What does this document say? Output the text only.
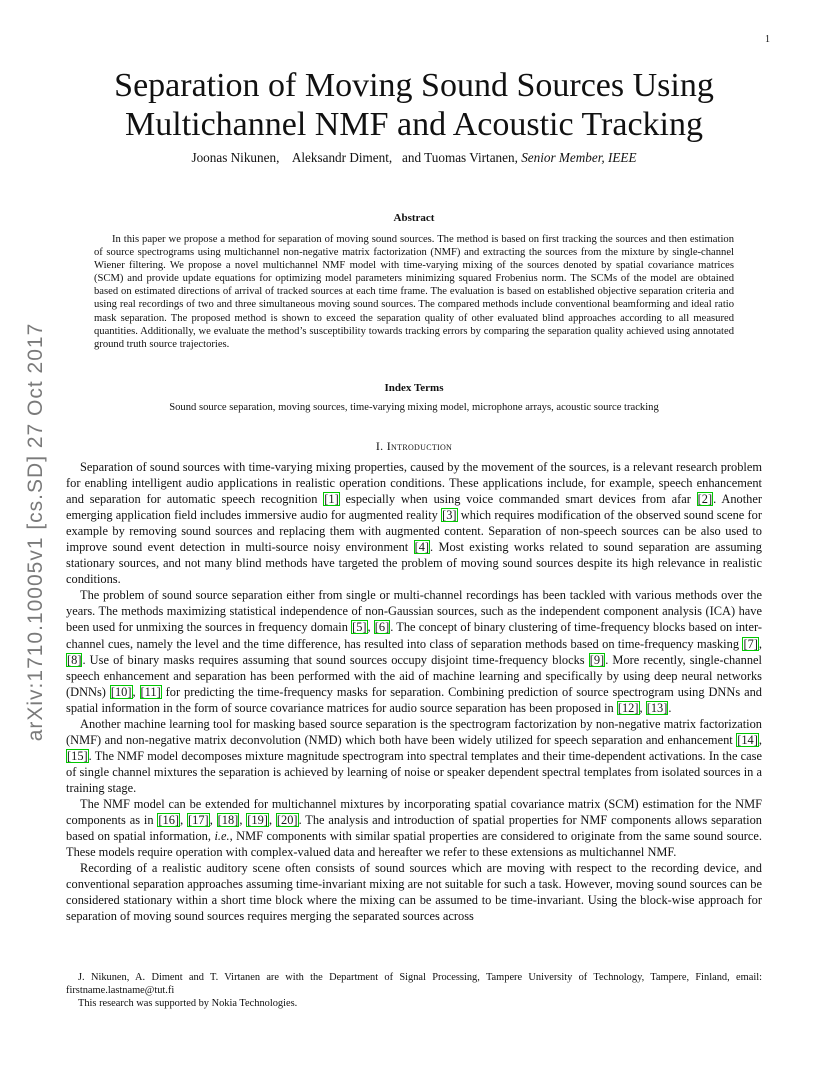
1
arXiv:1710.10005v1 [cs.SD] 27 Oct 2017
Separation of Moving Sound Sources Using
Multichannel NMF and Acoustic Tracking
Joonas Nikunen,    Aleksandr Diment,   and Tuomas Virtanen, Senior Member, IEEE
Abstract

In this paper we propose a method for separation of moving sound sources. The method is based on first tracking the sources and then estimation of source spectrograms using multichannel non-negative matrix factorization (NMF) and extracting the sources from the mixture by single-channel Wiener filtering. We propose a novel multichannel NMF model with time-varying mixing of the sources denoted by spatial covariance matrices (SCM) and provide update equations for optimizing model parameters minimizing squared Frobenius norm. The SCMs of the model are obtained based on estimated directions of arrival of tracked sources at each time frame. The evaluation is based on established objective separation criteria and using real recordings of two and three simultaneous moving sound sources. The compared methods include conventional beamforming and ideal ratio mask separation. The proposed method is shown to exceed the separation quality of other evaluated blind approaches according to all measured quantities. Additionally, we evaluate the method’s susceptibility towards tracking errors by comparing the separation quality achieved using annotated ground truth source trajectories.

Index Terms
Sound source separation, moving sources, time-varying mixing model, microphone arrays, acoustic source tracking
I. Introduction

Separation of sound sources with time-varying mixing properties, caused by the movement of the sources, is a relevant research problem for enabling intelligent audio applications in realistic operation conditions. These applications include, for example, speech enhancement and separation for automatic speech recognition [1] especially when using voice commanded smart devices from afar [2]. Another emerging application field includes immersive audio for augmented reality [3] which requires modification of the observed sound scene for example by removing sound sources and replacing them with augmented content. Separation of non-speech sources can be also used to improve sound event detection in multi-source noisy environment [4]. Most existing works related to sound separation are assuming stationary sources, and not many blind methods have targeted the problem of moving sound sources despite its high relevance in realistic conditions.

The problem of sound source separation either from single or multi-channel recordings has been tackled with various methods over the years. The methods maximizing statistical independence of non-Gaussian sources, such as the independent component analysis (ICA) have been used for unmixing the sources in frequency domain [5], [6]. The concept of binary clustering of time-frequency blocks based on inter-channel cues, namely the level and the time difference, has resulted into class of separation methods based on time-frequency masking [7], [8]. Use of binary masks requires assuming that sound sources occupy disjoint time-frequency blocks [9]. More recently, single-channel speech enhancement and separation has been performed with the aid of machine learning and specifically by using deep neural networks (DNNs) [10], [11] for predicting the time-frequency masks for separation. Combining prediction of source spectrogram using DNNs and spatial information in the form of source covariance matrices for audio source separation has been proposed in [12], [13].

Another machine learning tool for masking based source separation is the spectrogram factorization by non-negative matrix factorization (NMF) and non-negative matrix deconvolution (NMD) which both have been widely utilized for speech separation and enhancement [14], [15]. The NMF model decomposes mixture magnitude spectrogram into spectral templates and their time-dependent activations. In the case of single channel mixtures the separation is achieved by learning of noise or speaker dependent spectral templates from isolated sources in a training stage.

The NMF model can be extended for multichannel mixtures by incorporating spatial covariance matrix (SCM) estimation for the NMF components as in [16], [17], [18], [19], [20]. The analysis and introduction of spatial properties for NMF components allows separation based on spatial information, i.e., NMF components with similar spatial properties are considered to originate from the same sound source. These models require operation with complex-valued data and hereafter we refer to these extensions as multichannel NMF.

Recording of a realistic auditory scene often consists of sound sources which are moving with respect to the recording device, and conventional separation approaches assuming time-invariant mixing are not suitable for such a task. However, moving sound sources can be considered stationary within a short time block where the mixing can be assumed to be time-invariant. Using the block-wise approach for separation of moving sound sources requires merging the separated sources across

J. Nikunen, A. Diment and T. Virtanen are with the Department of Signal Processing, Tampere University of Technology, Tampere, Finland, email: firstname.lastname@tut.fi

This research was supported by Nokia Technologies.
